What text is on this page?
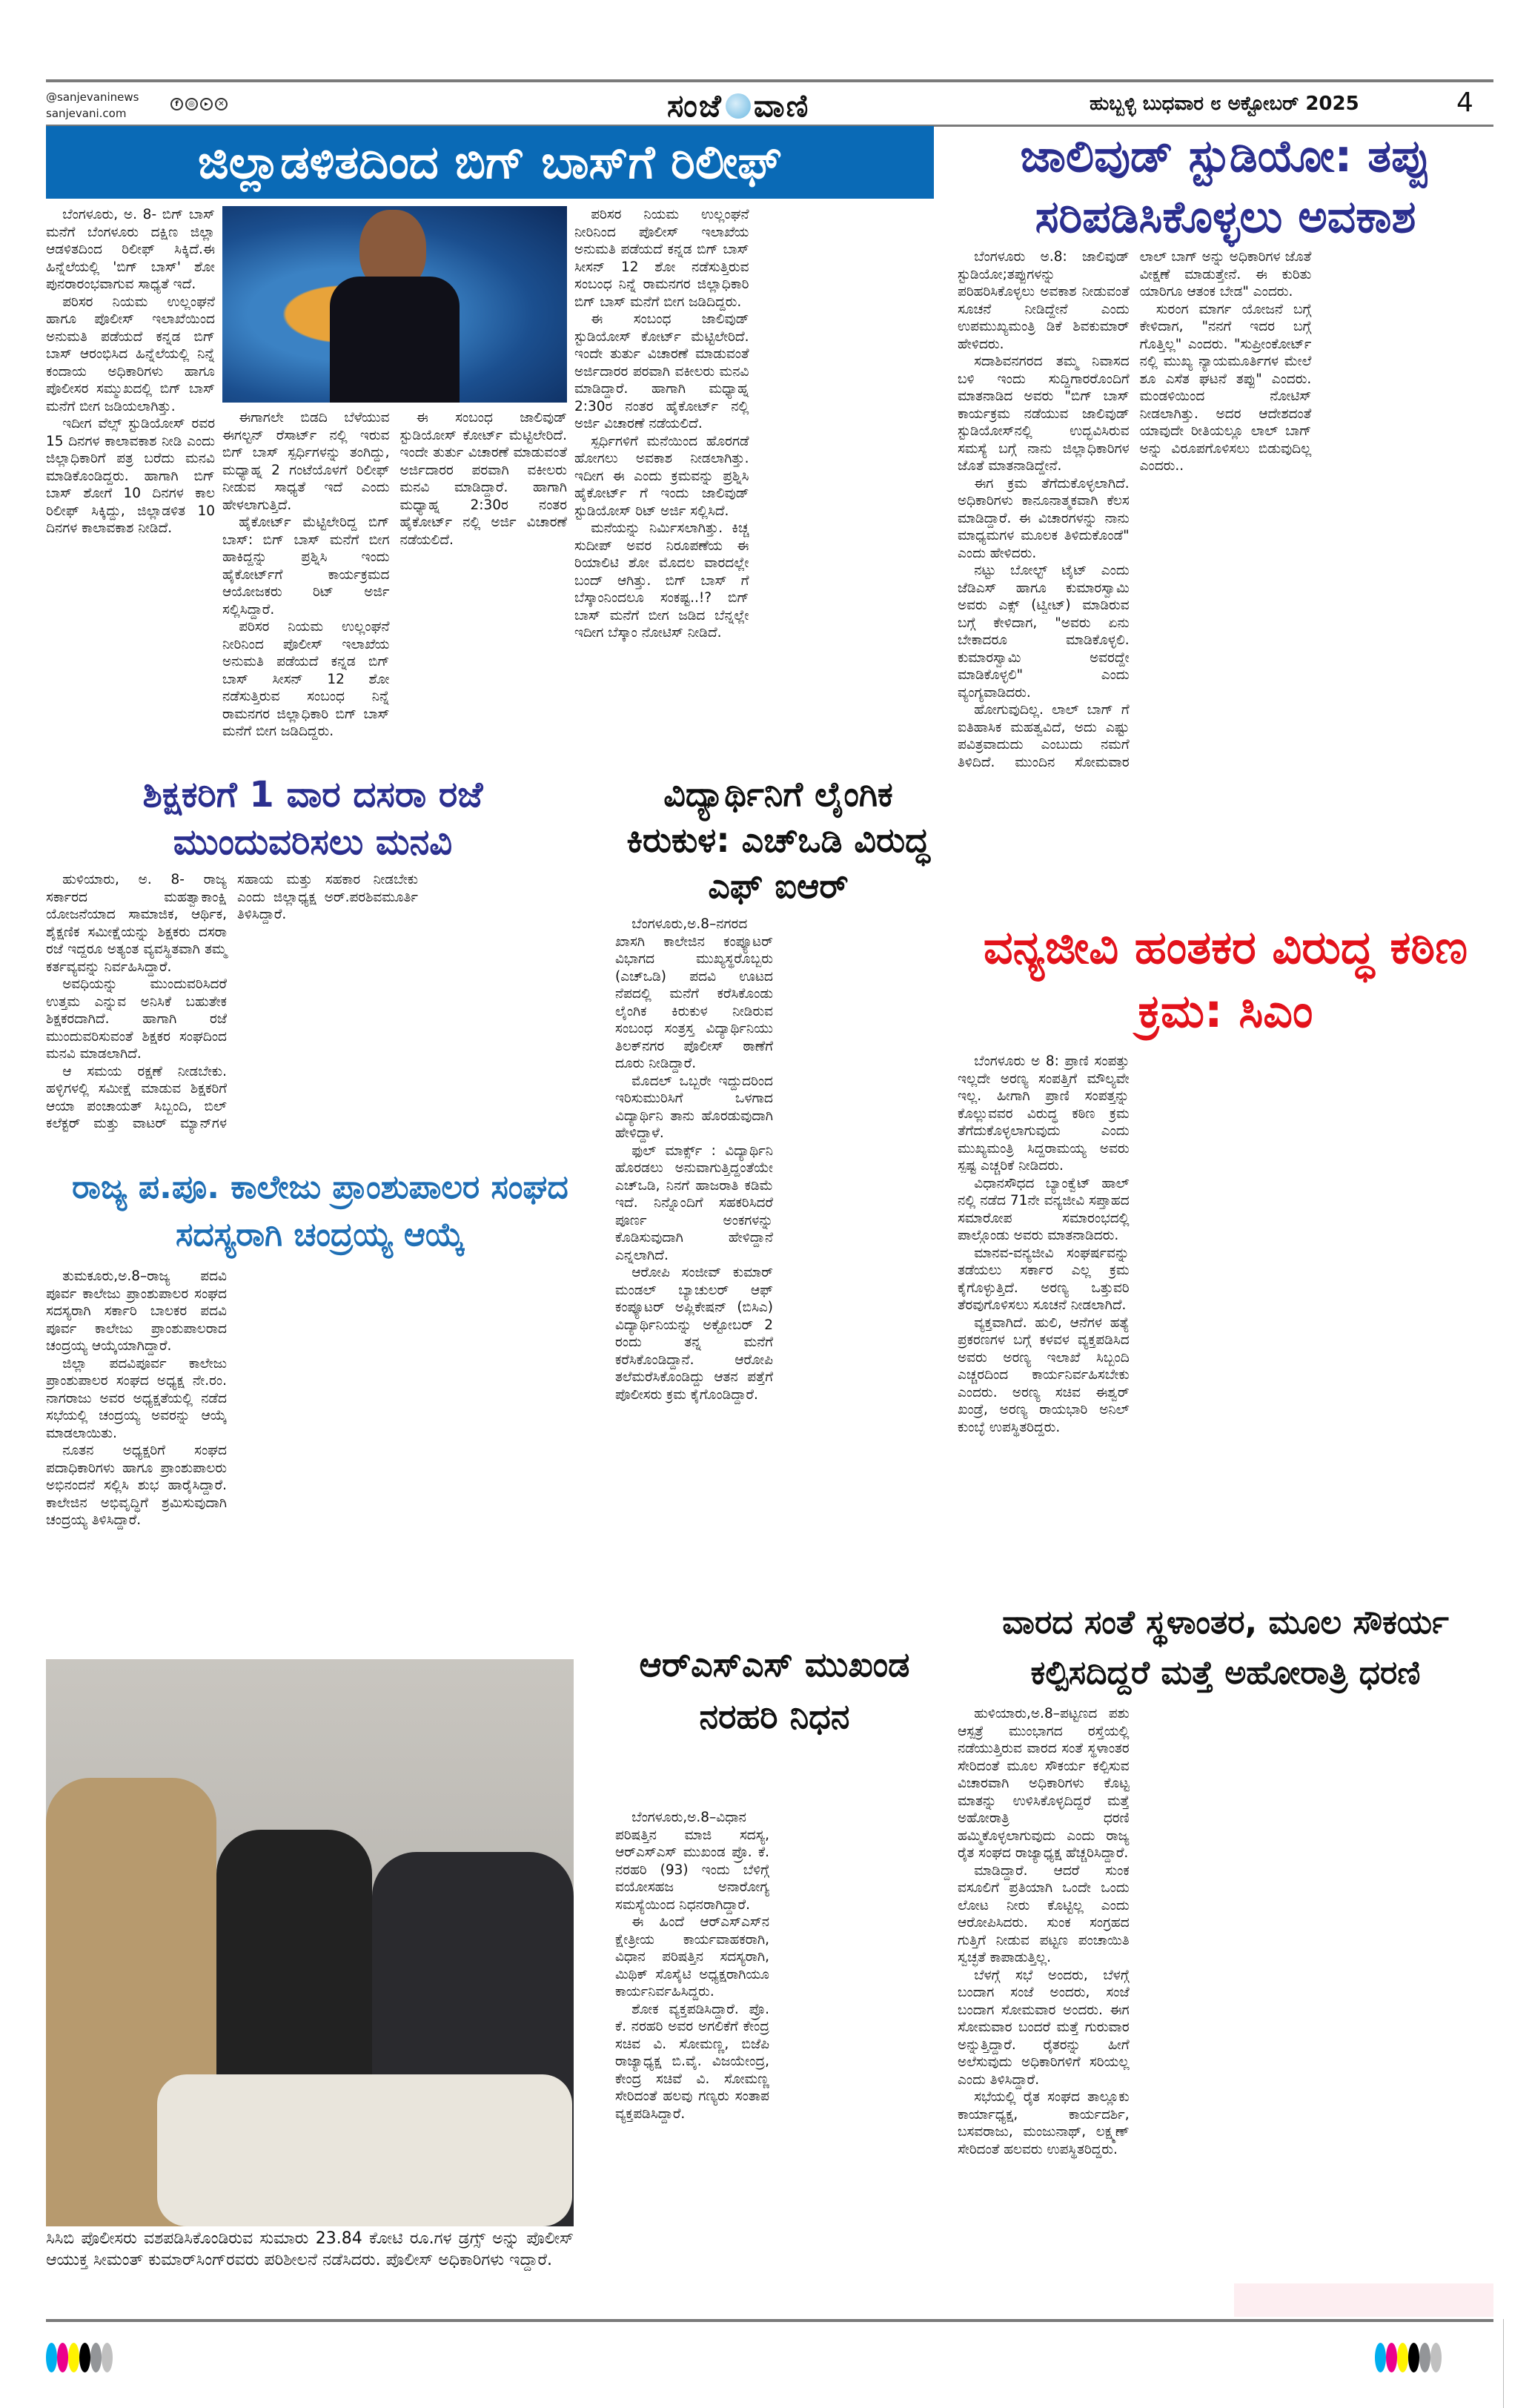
@sanjevaninews
sanjevani.com
f	◎	▸	✕	ಸಂಜೆ ವಾಣಿ	ಹುಬ್ಬಳ್ಳಿ ಬುಧವಾರ ೮ ಅಕ್ಟೋಬರ್ 2025	4
ಜಿಲ್ಲಾಡಳಿತದಿಂದ ಬಿಗ್ ಬಾಸ್‌ಗೆ ರಿಲೀಫ್

ಬೆಂಗಳೂರು, ಅ. 8- ಬಿಗ್ ಬಾಸ್ ಮನೆಗೆ ಬೆಂಗಳೂರು ದಕ್ಷಿಣ ಜಿಲ್ಲಾ ಆಡಳಿತದಿಂದ ರಿಲೀಫ್ ಸಿಕ್ಕಿದೆ.ಈ ಹಿನ್ನೆಲೆಯಲ್ಲಿ 'ಬಿಗ್ ಬಾಸ್' ಶೋ ಪುನರಾರಂಭವಾಗುವ ಸಾಧ್ಯತೆ ಇದೆ.

ಪರಿಸರ ನಿಯಮ ಉಲ್ಲಂಘನೆ ಹಾಗೂ ಪೊಲೀಸ್ ಇಲಾಖೆಯಿಂದ ಅನುಮತಿ ಪಡೆಯದೆ ಕನ್ನಡ ಬಿಗ್ ಬಾಸ್ ಆರಂಭಿಸಿದ ಹಿನ್ನೆಲೆಯಲ್ಲಿ ನಿನ್ನೆ ಕಂದಾಯ ಅಧಿಕಾರಿಗಳು ಹಾಗೂ ಪೊಲೀಸರ ಸಮ್ಮುಖದಲ್ಲಿ ಬಿಗ್ ಬಾಸ್ ಮನೆಗೆ ಬೀಗ ಜಡಿಯಲಾಗಿತ್ತು.

ಇದೀಗ ವೆಲ್ಸ್ ಸ್ಟುಡಿಯೋಸ್ ರವರ 15 ದಿನಗಳ ಕಾಲಾವಕಾಶ ನೀಡಿ ಎಂದು ಜಿಲ್ಲಾಧಿಕಾರಿಗೆ ಪತ್ರ ಬರೆದು ಮನವಿ ಮಾಡಿಕೊಂಡಿದ್ದರು. ಹಾಗಾಗಿ ಬಿಗ್ ಬಾಸ್ ಶೋಗೆ 10 ದಿನಗಳ ಕಾಲ ರಿಲೀಫ್ ಸಿಕ್ಕಿದ್ದು, ಜಿಲ್ಲಾಡಳಿತ 10 ದಿನಗಳ ಕಾಲಾವಕಾಶ ನೀಡಿದೆ.

ಈಗಾಗಲೇ ಬಿಡದಿ ಬೆಳೆಯುವ ಈಗಲ್ಟನ್ ರೆಸಾರ್ಟ್ ನಲ್ಲಿ ಇರುವ ಬಿಗ್ ಬಾಸ್ ಸ್ಪರ್ಧಿಗಳನ್ನು ತಂಗಿದ್ದು, ಮಧ್ಯಾಹ್ನ 2 ಗಂಟೆಯೊಳಗೆ ರಿಲೀಫ್ ನೀಡುವ ಸಾಧ್ಯತೆ ಇದೆ ಎಂದು ಹೇಳಲಾಗುತ್ತಿದೆ.

ಹೈಕೋರ್ಟ್ ಮೆಟ್ಟಿಲೇರಿದ್ದ ಬಿಗ್ ಬಾಸ್: ಬಿಗ್ ಬಾಸ್ ಮನೆಗೆ ಬೀಗ ಹಾಕಿದ್ದನ್ನು ಪ್ರಶ್ನಿಸಿ ಇಂದು ಹೈಕೋರ್ಟ್‌ಗೆ ಕಾರ್ಯಕ್ರಮದ ಆಯೋಜಕರು ರಿಟ್ ಅರ್ಜಿ ಸಲ್ಲಿಸಿದ್ದಾರೆ.

ಪರಿಸರ ನಿಯಮ ಉಲ್ಲಂಘನೆ ನೀರಿನಿಂದ ಪೊಲೀಸ್ ಇಲಾಖೆಯ ಅನುಮತಿ ಪಡೆಯದೆ ಕನ್ನಡ ಬಿಗ್ ಬಾಸ್ ಸೀಸನ್ 12 ಶೋ ನಡೆಸುತ್ತಿರುವ ಸಂಬಂಧ ನಿನ್ನೆ ರಾಮನಗರ ಜಿಲ್ಲಾಧಿಕಾರಿ ಬಿಗ್ ಬಾಸ್ ಮನೆಗೆ ಬೀಗ ಜಡಿದಿದ್ದರು.

ಈ ಸಂಬಂಧ ಜಾಲಿವುಡ್ ಸ್ಟುಡಿಯೋಸ್ ಕೋರ್ಟ್ ಮೆಟ್ಟಿಲೇರಿದೆ. ಇಂದೇ ತುರ್ತು ವಿಚಾರಣೆ ಮಾಡುವಂತೆ ಅರ್ಜಿದಾರರ ಪರವಾಗಿ ವಕೀಲರು ಮನವಿ ಮಾಡಿದ್ದಾರೆ. ಹಾಗಾಗಿ ಮಧ್ಯಾಹ್ನ 2:30ರ ನಂತರ ಹೈಕೋರ್ಟ್ ನಲ್ಲಿ ಅರ್ಜಿ ವಿಚಾರಣೆ ನಡೆಯಲಿದೆ.

ಪರಿಸರ ನಿಯಮ ಉಲ್ಲಂಘನೆ ನೀರಿನಿಂದ ಪೊಲೀಸ್ ಇಲಾಖೆಯ ಅನುಮತಿ ಪಡೆಯದೆ ಕನ್ನಡ ಬಿಗ್ ಬಾಸ್ ಸೀಸನ್ 12 ಶೋ ನಡೆಸುತ್ತಿರುವ ಸಂಬಂಧ ನಿನ್ನೆ ರಾಮನಗರ ಜಿಲ್ಲಾಧಿಕಾರಿ ಬಿಗ್ ಬಾಸ್ ಮನೆಗೆ ಬೀಗ ಜಡಿದಿದ್ದರು.

ಈ ಸಂಬಂಧ ಜಾಲಿವುಡ್ ಸ್ಟುಡಿಯೋಸ್ ಕೋರ್ಟ್ ಮೆಟ್ಟಿಲೇರಿದೆ. ಇಂದೇ ತುರ್ತು ವಿಚಾರಣೆ ಮಾಡುವಂತೆ ಅರ್ಜಿದಾರರ ಪರವಾಗಿ ವಕೀಲರು ಮನವಿ ಮಾಡಿದ್ದಾರೆ. ಹಾಗಾಗಿ ಮಧ್ಯಾಹ್ನ 2:30ರ ನಂತರ ಹೈಕೋರ್ಟ್ ನಲ್ಲಿ ಅರ್ಜಿ ವಿಚಾರಣೆ ನಡೆಯಲಿದೆ.

ಸ್ಪರ್ಧಿಗಳಿಗೆ ಮನೆಯಿಂದ ಹೊರಗಡೆ ಹೋಗಲು ಅವಕಾಶ ನೀಡಲಾಗಿತ್ತು. ಇದೀಗ ಈ ಎಂದು ಕ್ರಮವನ್ನು ಪ್ರಶ್ನಿಸಿ ಹೈಕೋರ್ಟ್ ಗೆ ಇಂದು ಜಾಲಿವುಡ್ ಸ್ಟುಡಿಯೋಸ್ ರಿಟ್ ಅರ್ಜಿ ಸಲ್ಲಿಸಿದೆ.

ಮನೆಯನ್ನು ನಿರ್ಮಿಸಲಾಗಿತ್ತು. ಕಿಚ್ಚ ಸುದೀಪ್ ಅವರ ನಿರೂಪಣೆಯ ಈ ರಿಯಾಲಿಟಿ ಶೋ ಮೊದಲ ವಾರದಲ್ಲೇ ಬಂದ್ ಆಗಿತ್ತು. ಬಿಗ್ ಬಾಸ್ ಗೆ ಬೆಸ್ಕಾಂನಿಂದಲೂ ಸಂಕಷ್ಟ..!? ಬಿಗ್ ಬಾಸ್ ಮನೆಗೆ ಬೀಗ ಜಡಿದ ಬೆನ್ನಲ್ಲೇ ಇದೀಗ ಬೆಸ್ಕಾಂ ನೋಟಿಸ್ ನೀಡಿದೆ.

ಜಾಲಿವುಡ್ ಸ್ಟುಡಿಯೋ: ತಪ್ಪು ಸರಿಪಡಿಸಿಕೊಳ್ಳಲು ಅವಕಾಶ

ಬೆಂಗಳೂರು ಅ.8: ಜಾಲಿವುಡ್ ಸ್ಟುಡಿಯೋ;ತಪ್ಪುಗಳನ್ನು ಪರಿಹರಿಸಿಕೊಳ್ಳಲು ಅವಕಾಶ ನೀಡುವಂತೆ ಸೂಚನೆ ನೀಡಿದ್ದೇನೆ ಎಂದು ಉಪಮುಖ್ಯಮಂತ್ರಿ ಡಿಕೆ ಶಿವಕುಮಾರ್ ಹೇಳಿದರು.

ಸದಾಶಿವನಗರದ ತಮ್ಮ ನಿವಾಸದ ಬಳಿ ಇಂದು ಸುದ್ದಿಗಾರರೊಂದಿಗೆ ಮಾತನಾಡಿದ ಅವರು "ಬಿಗ್ ಬಾಸ್ ಕಾರ್ಯಕ್ರಮ ನಡೆಯುವ ಜಾಲಿವುಡ್ ಸ್ಟುಡಿಯೋಸ್‌ನಲ್ಲಿ ಉದ್ಭವಿಸಿರುವ ಸಮಸ್ಯೆ ಬಗ್ಗೆ ನಾನು ಜಿಲ್ಲಾಧಿಕಾರಿಗಳ ಜೊತೆ ಮಾತನಾಡಿದ್ದೇನೆ.

ಈಗ ಕ್ರಮ ತೆಗೆದುಕೊಳ್ಳಲಾಗಿದೆ. ಅಧಿಕಾರಿಗಳು ಕಾನೂನಾತ್ಮಕವಾಗಿ ಕೆಲಸ ಮಾಡಿದ್ದಾರೆ. ಈ ವಿಚಾರಗಳನ್ನು ನಾನು ಮಾಧ್ಯಮಗಳ ಮೂಲಕ ತಿಳಿದುಕೊಂಡೆ" ಎಂದು ಹೇಳಿದರು.

ನಟ್ಟು ಬೋಲ್ಟ್ ಟೈಟ್ ಎಂದು ಜೆಡಿಎಸ್ ಹಾಗೂ ಕುಮಾರಸ್ವಾಮಿ ಅವರು ಎಕ್ಸ್ (ಟ್ವೀಟ್) ಮಾಡಿರುವ ಬಗ್ಗೆ ಕೇಳಿದಾಗ, "ಅವರು ಏನು ಬೇಕಾದರೂ ಮಾಡಿಕೊಳ್ಳಲಿ. ಕುಮಾರಸ್ವಾಮಿ ಅವರದ್ದೇ ಮಾಡಿಕೊಳ್ಳಲಿ" ಎಂದು ವ್ಯಂಗ್ಯವಾಡಿದರು.

ಹೋಗುವುದಿಲ್ಲ. ಲಾಲ್ ಬಾಗ್ ಗೆ ಐತಿಹಾಸಿಕ ಮಹತ್ವವಿದೆ, ಅದು ಎಷ್ಟು ಪವಿತ್ರವಾದುದು ಎಂಬುದು ನಮಗೆ ತಿಳಿದಿದೆ. ಮುಂದಿನ ಸೋಮವಾರ ಲಾಲ್ ಬಾಗ್ ಅನ್ನು ಅಧಿಕಾರಿಗಳ ಜೊತೆ ವೀಕ್ಷಣೆ ಮಾಡುತ್ತೇನೆ. ಈ ಕುರಿತು ಯಾರಿಗೂ ಆತಂಕ ಬೇಡ" ಎಂದರು.

ಸುರಂಗ ಮಾರ್ಗ ಯೋಜನೆ ಬಗ್ಗೆ ಕೇಳಿದಾಗ, "ನನಗೆ ಇದರ ಬಗ್ಗೆ ಗೊತ್ತಿಲ್ಲ" ಎಂದರು. "ಸುಪ್ರೀಂಕೋರ್ಟ್ ನಲ್ಲಿ ಮುಖ್ಯ ನ್ಯಾಯಮೂರ್ತಿಗಳ ಮೇಲೆ ಶೂ ಎಸೆತ ಘಟನೆ ತಪ್ಪು" ಎಂದರು. ಮಂಡಳಿಯಿಂದ ನೋಟಿಸ್ ನೀಡಲಾಗಿತ್ತು. ಅದರ ಆದೇಶದಂತೆ ಯಾವುದೇ ರೀತಿಯಲ್ಲೂ ಲಾಲ್ ಬಾಗ್ ಅನ್ನು ವಿರೂಪಗೊಳಿಸಲು ಬಿಡುವುದಿಲ್ಲ ಎಂದರು..

ಶಿಕ್ಷಕರಿಗೆ 1 ವಾರ ದಸರಾ ರಜೆ ಮುಂದುವರಿಸಲು ಮನವಿ

ಹುಳಿಯಾರು, ಅ. 8- ರಾಜ್ಯ ಸರ್ಕಾರದ ಮಹತ್ವಾಕಾಂಕ್ಷಿ ಯೋಜನೆಯಾದ ಸಾಮಾಜಿಕ, ಆರ್ಥಿಕ, ಶೈಕ್ಷಣಿಕ ಸಮೀಕ್ಷೆಯನ್ನು ಶಿಕ್ಷಕರು ದಸರಾ ರಜೆ ಇದ್ದರೂ ಅತ್ಯಂತ ವ್ಯವಸ್ಥಿತವಾಗಿ ತಮ್ಮ ಕರ್ತವ್ಯವನ್ನು ನಿರ್ವಹಿಸಿದ್ದಾರೆ.

ಅವಧಿಯನ್ನು ಮುಂದುವರಿಸಿದರೆ ಉತ್ತಮ ಎನ್ನುವ ಅನಿಸಿಕೆ ಬಹುತೇಕ ಶಿಕ್ಷಕರದಾಗಿದೆ. ಹಾಗಾಗಿ ರಜೆ ಮುಂದುವರಿಸುವಂತೆ ಶಿಕ್ಷಕರ ಸಂಘದಿಂದ ಮನವಿ ಮಾಡಲಾಗಿದೆ.

ಆ ಸಮಯ ರಕ್ಷಣೆ ನೀಡಬೇಕು. ಹಳ್ಳಿಗಳಲ್ಲಿ ಸಮೀಕ್ಷೆ ಮಾಡುವ ಶಿಕ್ಷಕರಿಗೆ ಆಯಾ ಪಂಚಾಯತ್ ಸಿಬ್ಬಂದಿ, ಬಿಲ್ ಕಲೆಕ್ಟರ್ ಮತ್ತು ವಾಟರ್ ಮ್ಯಾನ್‌ಗಳ ಸಹಾಯ ಮತ್ತು ಸಹಕಾರ ನೀಡಬೇಕು ಎಂದು ಜಿಲ್ಲಾಧ್ಯಕ್ಷ ಅರ್.ಪರಶಿವಮೂರ್ತಿ ತಿಳಿಸಿದ್ದಾರೆ.

ವಿದ್ಯಾರ್ಥಿನಿಗೆ ಲೈಂಗಿಕ ಕಿರುಕುಳ: ಎಚ್‌ಒಡಿ ವಿರುದ್ಧ ಎಫ್ ಐಆರ್

ಬೆಂಗಳೂರು,ಅ.8–ನಗರದ ಖಾಸಗಿ ಕಾಲೇಜಿನ ಕಂಪ್ಯೂಟರ್ ವಿಭಾಗದ ಮುಖ್ಯಸ್ಥರೊಬ್ಬರು (ಎಚ್‌ಒಡಿ) ಪದವಿ ಊಟದ ನೆಪದಲ್ಲಿ ಮನೆಗೆ ಕರೆಸಿಕೊಂಡು ಲೈಂಗಿಕ ಕಿರುಕುಳ ನೀಡಿರುವ ಸಂಬಂಧ ಸಂತ್ರಸ್ತ ವಿದ್ಯಾರ್ಥಿನಿಯು ತಿಲಕ್‌ನಗರ ಪೊಲೀಸ್ ಠಾಣೆಗೆ ದೂರು ನೀಡಿದ್ದಾರೆ.

ಮೊದಲ್ ಒಬ್ಬರೇ ಇದ್ದುದರಿಂದ ಇರಿಸುಮುರಿಸಿಗೆ ಒಳಗಾದ ವಿದ್ಯಾರ್ಥಿನಿ ತಾನು ಹೊರಡುವುದಾಗಿ ಹೇಳಿದ್ದಾಳೆ.

ಫುಲ್ ಮಾರ್ಕ್ಸ್ : ವಿದ್ಯಾರ್ಥಿನಿ ಹೊರಡಲು ಅನುವಾಗುತ್ತಿದ್ದಂತೆಯೇ ಎಚ್‌ಒಡಿ, ನಿನಗೆ ಹಾಜರಾತಿ ಕಡಿಮೆ ಇದೆ. ನಿನ್ನೊಂದಿಗೆ ಸಹಕರಿಸಿದರೆ ಪೂರ್ಣ ಅಂಕಗಳನ್ನು ಕೊಡಿಸುವುದಾಗಿ ಹೇಳಿದ್ದಾನೆ ಎನ್ನಲಾಗಿದೆ.

ಆರೋಪಿ ಸಂಜೀವ್ ಕುಮಾರ್ ಮಂಡಲ್ ಬ್ಯಾಚುಲರ್ ಆಫ್ ಕಂಪ್ಯೂಟರ್ ಅಪ್ಲಿಕೇಷನ್ (ಬಿಸಿಎ) ವಿದ್ಯಾರ್ಥಿನಿಯನ್ನು ಅಕ್ಟೋಬರ್ 2 ರಂದು ತನ್ನ ಮನೆಗೆ ಕರೆಸಿಕೊಂಡಿದ್ದಾನೆ. ಆರೋಪಿ ತಲೆಮರೆಸಿಕೊಂಡಿದ್ದು ಆತನ ಪತ್ತೆಗೆ ಪೊಲೀಸರು ಕ್ರಮ ಕೈಗೊಂಡಿದ್ದಾರೆ.

ರಾಜ್ಯ ಪ.ಪೂ. ಕಾಲೇಜು ಪ್ರಾಂಶುಪಾಲರ ಸಂಘದ ಸದಸ್ಯರಾಗಿ ಚಂದ್ರಯ್ಯ ಆಯ್ಕೆ

ತುಮಕೂರು,ಅ.8–ರಾಜ್ಯ ಪದವಿ ಪೂರ್ವ ಕಾಲೇಜು ಪ್ರಾಂಶುಪಾಲರ ಸಂಘದ ಸದಸ್ಯರಾಗಿ ಸರ್ಕಾರಿ ಬಾಲಕರ ಪದವಿ ಪೂರ್ವ ಕಾಲೇಜು ಪ್ರಾಂಶುಪಾಲರಾದ ಚಂದ್ರಯ್ಯ ಆಯ್ಕೆಯಾಗಿದ್ದಾರೆ.

ಜಿಲ್ಲಾ ಪದವಿಪೂರ್ವ ಕಾಲೇಜು ಪ್ರಾಂಶುಪಾಲರ ಸಂಘದ ಅಧ್ಯಕ್ಷ ನೇ.ರಂ. ನಾಗರಾಜು ಅವರ ಅಧ್ಯಕ್ಷತೆಯಲ್ಲಿ ನಡೆದ ಸಭೆಯಲ್ಲಿ ಚಂದ್ರಯ್ಯ ಅವರನ್ನು ಆಯ್ಕೆ ಮಾಡಲಾಯಿತು.

ನೂತನ ಅಧ್ಯಕ್ಷರಿಗೆ ಸಂಘದ ಪದಾಧಿಕಾರಿಗಳು ಹಾಗೂ ಪ್ರಾಂಶುಪಾಲರು ಅಭಿನಂದನೆ ಸಲ್ಲಿಸಿ ಶುಭ ಹಾರೈಸಿದ್ದಾರೆ. ಕಾಲೇಜಿನ ಅಭಿವೃದ್ಧಿಗೆ ಶ್ರಮಿಸುವುದಾಗಿ ಚಂದ್ರಯ್ಯ ತಿಳಿಸಿದ್ದಾರೆ.

ವನ್ಯಜೀವಿ ಹಂತಕರ ವಿರುದ್ಧ ಕಠಿಣ ಕ್ರಮ: ಸಿಎಂ

ಬೆಂಗಳೂರು ಅ 8: ಪ್ರಾಣಿ ಸಂಪತ್ತು ಇಲ್ಲದೇ ಅರಣ್ಯ ಸಂಪತ್ತಿಗೆ ಮೌಲ್ಯವೇ ಇಲ್ಲ. ಹೀಗಾಗಿ ಪ್ರಾಣಿ ಸಂಪತ್ತನ್ನು ಕೊಲ್ಲುವವರ ವಿರುದ್ಧ ಕಠಿಣ ಕ್ರಮ ತೆಗೆದುಕೊಳ್ಳಲಾಗುವುದು ಎಂದು ಮುಖ್ಯಮಂತ್ರಿ ಸಿದ್ದರಾಮಯ್ಯ ಅವರು ಸ್ಪಷ್ಟ ಎಚ್ಚರಿಕೆ ನೀಡಿದರು.

ವಿಧಾನಸೌಧದ ಬ್ಯಾಂಕ್ವೆಟ್ ಹಾಲ್ ನಲ್ಲಿ ನಡೆದ 71ನೇ ವನ್ಯಜೀವಿ ಸಪ್ತಾಹದ ಸಮಾರೋಪ ಸಮಾರಂಭದಲ್ಲಿ ಪಾಲ್ಗೊಂಡು ಅವರು ಮಾತನಾಡಿದರು.

ಮಾನವ-ವನ್ಯಜೀವಿ ಸಂಘರ್ಷವನ್ನು ತಡೆಯಲು ಸರ್ಕಾರ ಎಲ್ಲ ಕ್ರಮ ಕೈಗೊಳ್ಳುತ್ತಿದೆ. ಅರಣ್ಯ ಒತ್ತುವರಿ ತೆರವುಗೊಳಿಸಲು ಸೂಚನೆ ನೀಡಲಾಗಿದೆ.

ವ್ಯಕ್ತವಾಗಿದೆ. ಹುಲಿ, ಆನೆಗಳ ಹತ್ಯೆ ಪ್ರಕರಣಗಳ ಬಗ್ಗೆ ಕಳವಳ ವ್ಯಕ್ತಪಡಿಸಿದ ಅವರು ಅರಣ್ಯ ಇಲಾಖೆ ಸಿಬ್ಬಂದಿ ಎಚ್ಚರದಿಂದ ಕಾರ್ಯನಿರ್ವಹಿಸಬೇಕು ಎಂದರು. ಅರಣ್ಯ ಸಚಿವ ಈಶ್ವರ್ ಖಂಡ್ರೆ, ಅರಣ್ಯ ರಾಯಭಾರಿ ಅನಿಲ್ ಕುಂಬ್ಳೆ ಉಪಸ್ಥಿತರಿದ್ದರು.

ಸಿಸಿಬಿ ಪೊಲೀಸರು ವಶಪಡಿಸಿಕೊಂಡಿರುವ ಸುಮಾರು 23.84 ಕೋಟಿ ರೂ.ಗಳ ಡ್ರಗ್ಸ್ ಅನ್ನು ಪೊಲೀಸ್ ಆಯುಕ್ತ ಸೀಮಂತ್ ಕುಮಾರ್‌ಸಿಂಗ್‌ರವರು ಪರಿಶೀಲನೆ ನಡೆಸಿದರು. ಪೊಲೀಸ್ ಅಧಿಕಾರಿಗಳು ಇದ್ದಾರೆ.
ಆರ್‌ಎಸ್‌ಎಸ್ ಮುಖಂಡ ನರಹರಿ ನಿಧನ

ಬೆಂಗಳೂರು,ಅ.8–ವಿಧಾನ ಪರಿಷತ್ತಿನ ಮಾಜಿ ಸದಸ್ಯ, ಆರ್‌ಎಸ್‌ಎಸ್ ಮುಖಂಡ ಪ್ರೊ. ಕೆ. ನರಹರಿ (93) ಇಂದು ಬೆಳಿಗ್ಗೆ ವಯೋಸಹಜ ಅನಾರೋಗ್ಯ ಸಮಸ್ಯೆಯಿಂದ ನಿಧನರಾಗಿದ್ದಾರೆ.

ಈ ಹಿಂದೆ ಆರ್‌ಎಸ್‌ಎಸ್‌ನ ಕ್ಷೇತ್ರೀಯ ಕಾರ್ಯವಾಹಕರಾಗಿ, ವಿಧಾನ ಪರಿಷತ್ತಿನ ಸದಸ್ಯರಾಗಿ, ಮಿಥಿಕ್ ಸೊಸೈಟಿ ಅಧ್ಯಕ್ಷರಾಗಿಯೂ ಕಾರ್ಯನಿರ್ವಹಿಸಿದ್ದರು.

ಶೋಕ ವ್ಯಕ್ತಪಡಿಸಿದ್ದಾರೆ. ಪ್ರೊ. ಕೆ. ನರಹರಿ ಅವರ ಅಗಲಿಕೆಗೆ ಕೇಂದ್ರ ಸಚಿವ ವಿ. ಸೋಮಣ್ಣ, ಬಿಜೆಪಿ ರಾಜ್ಯಾಧ್ಯಕ್ಷ ಬಿ.ವೈ. ವಿಜಯೇಂದ್ರ, ಕೇಂದ್ರ ಸಚಿವೆ ವಿ. ಸೋಮಣ್ಣ ಸೇರಿದಂತೆ ಹಲವು ಗಣ್ಯರು ಸಂತಾಪ ವ್ಯಕ್ತಪಡಿಸಿದ್ದಾರೆ.

ವಾರದ ಸಂತೆ ಸ್ಥಳಾಂತರ, ಮೂಲ ಸೌಕರ್ಯ ಕಲ್ಪಿಸದಿದ್ದರೆ ಮತ್ತೆ ಅಹೋರಾತ್ರಿ ಧರಣಿ

ಹುಳಿಯಾರು,ಅ.8–ಪಟ್ಟಣದ ಪಶು ಆಸ್ಪತ್ರೆ ಮುಂಭಾಗದ ರಸ್ತೆಯಲ್ಲಿ ನಡೆಯುತ್ತಿರುವ ವಾರದ ಸಂತೆ ಸ್ಥಳಾಂತರ ಸೇರಿದಂತೆ ಮೂಲ ಸೌಕರ್ಯ ಕಲ್ಪಿಸುವ ವಿಚಾರವಾಗಿ ಅಧಿಕಾರಿಗಳು ಕೊಟ್ಟ ಮಾತನ್ನು ಉಳಿಸಿಕೊಳ್ಳದಿದ್ದರೆ ಮತ್ತೆ ಅಹೋರಾತ್ರಿ ಧರಣಿ ಹಮ್ಮಿಕೊಳ್ಳಲಾಗುವುದು ಎಂದು ರಾಜ್ಯ ರೈತ ಸಂಘದ ರಾಜ್ಯಾಧ್ಯಕ್ಷ ಹೆಚ್ಚರಿಸಿದ್ದಾರೆ.

ಮಾಡಿದ್ದಾರೆ. ಆದರೆ ಸುಂಕ ವಸೂಲಿಗೆ ಪ್ರತಿಯಾಗಿ ಒಂದೇ ಒಂದು ಲೋಟ ನೀರು ಕೊಟ್ಟಿಲ್ಲ ಎಂದು ಆರೋಪಿಸಿದರು. ಸುಂಕ ಸಂಗ್ರಹದ ಗುತ್ತಿಗೆ ನೀಡುವ ಪಟ್ಟಣ ಪಂಚಾಯಿತಿ ಸ್ವಚ್ಛತೆ ಕಾಪಾಡುತ್ತಿಲ್ಲ.

ಬೆಳಗ್ಗೆ ಸಭೆ ಅಂದರು, ಬೆಳಗ್ಗೆ ಬಂದಾಗ ಸಂಜೆ ಅಂದರು, ಸಂಜೆ ಬಂದಾಗ ಸೋಮವಾರ ಅಂದರು. ಈಗ ಸೋಮವಾರ ಬಂದರೆ ಮತ್ತೆ ಗುರುವಾರ ಅನ್ನುತ್ತಿದ್ದಾರೆ. ರೈತರನ್ನು ಹೀಗೆ ಅಲೆಸುವುದು ಅಧಿಕಾರಿಗಳಿಗೆ ಸರಿಯಲ್ಲ ಎಂದು ತಿಳಿಸಿದ್ದಾರೆ.

ಸಭೆಯಲ್ಲಿ ರೈತ ಸಂಘದ ತಾಲ್ಲೂಕು ಕಾರ್ಯಾಧ್ಯಕ್ಷ, ಕಾರ್ಯದರ್ಶಿ, ಬಸವರಾಜು, ಮಂಜುನಾಥ್, ಲಕ್ಷ್ಮಣ್ ಸೇರಿದಂತೆ ಹಲವರು ಉಪಸ್ಥಿತರಿದ್ದರು.
